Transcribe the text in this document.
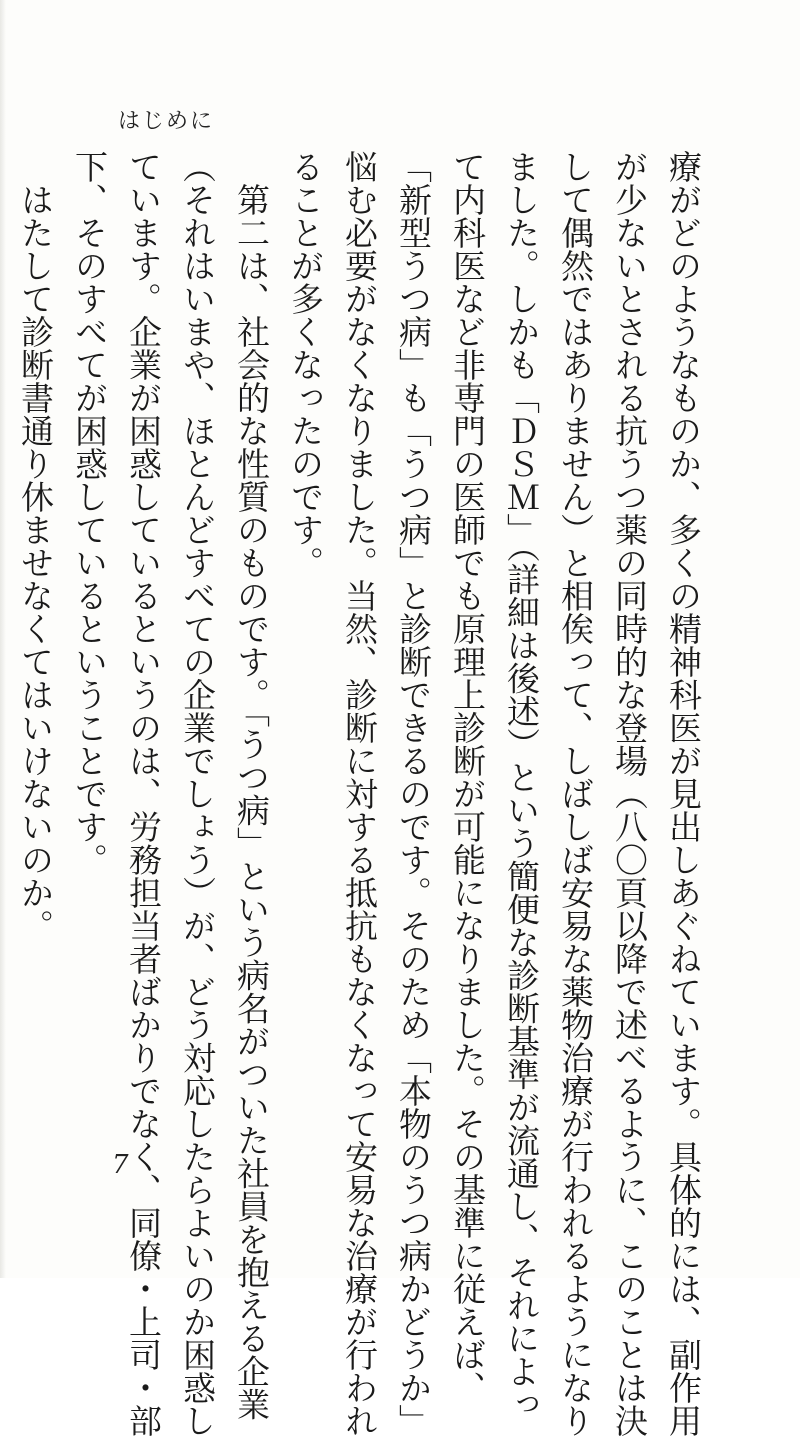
はじめに
療がどのようなものか、多くの精神科医が見出しあぐねています。具体的には、副作用
が少ないとされる抗うつ薬の同時的な登場（八〇頁以降で述べるように、このことは決
して偶然ではありません）と相俟って、しばしば安易な薬物治療が行われるようになり
ました。しかも「ＤＳＭ」（詳細は後述）という簡便な診断基準が流通し、それによっ
て内科医など非専門の医師でも原理上診断が可能になりました。その基準に従えば、
「新型うつ病」も「うつ病」と診断できるのです。そのため「本物のうつ病かどうか」
悩む必要がなくなりました。当然、診断に対する抵抗もなくなって安易な治療が行われ
ることが多くなったのです。
　第二は、社会的な性質のものです。「うつ病」という病名がついた社員を抱える企業
（それはいまや、ほとんどすべての企業でしょう）が、どう対応したらよいのか困惑し
ています。企業が困惑しているというのは、労務担当者ばかりでなく、同僚・上司・部
下、そのすべてが困惑しているということです。
　はたして診断書通り休ませなくてはいけないのか。
7
